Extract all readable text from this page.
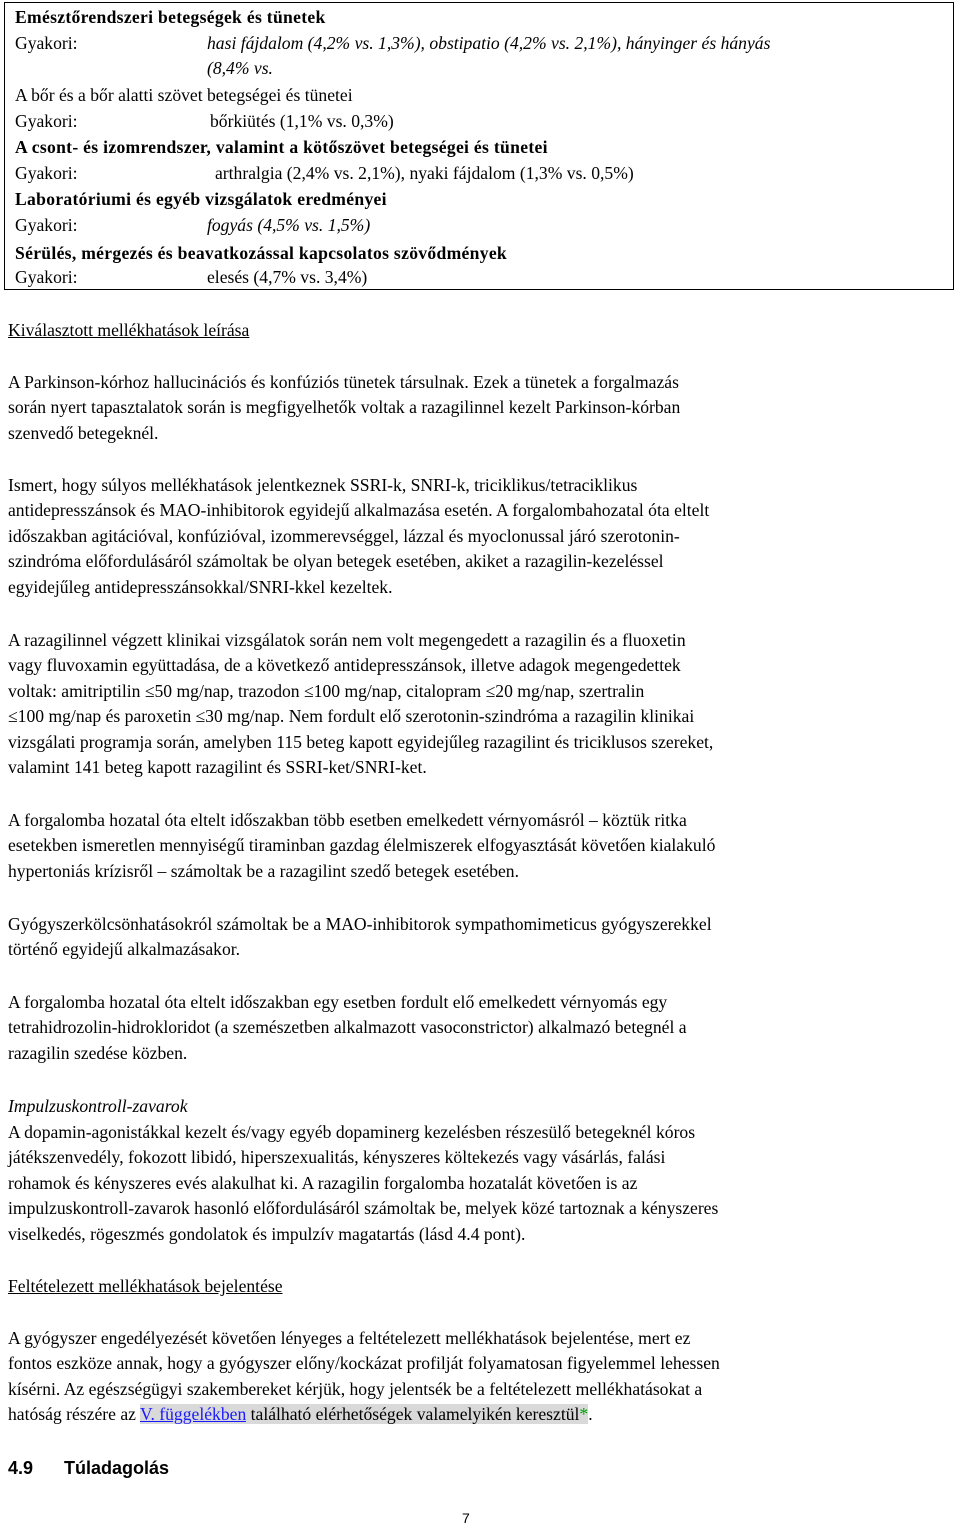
Emésztőrendszeri betegségek és tünetek
Gyakori:	hasi fájdalom (4,2% vs. 1,3%), obstipatio (4,2% vs. 2,1%), hányinger és hányás
(8,4% vs.
A bőr és a bőr alatti szövet betegségei és tünetei
Gyakori:	bőrkiütés (1,1% vs. 0,3%)
A csont- és izomrendszer, valamint a kötőszövet betegségei és tünetei
Gyakori:	arthralgia (2,4% vs. 2,1%), nyaki fájdalom (1,3% vs. 0,5%)
Laboratóriumi és egyéb vizsgálatok eredményei
Gyakori:	fogyás (4,5% vs. 1,5%)
Sérülés, mérgezés és beavatkozással kapcsolatos szövődmények
Gyakori:	elesés (4,7% vs. 3,4%)
Kiválasztott mellékhatások leírása
A Parkinson-kórhoz hallucinációs és konfúziós tünetek társulnak. Ezek a tünetek a forgalmazás
során nyert tapasztalatok során is megfigyelhetők voltak a razagilinnel kezelt Parkinson-kórban
szenvedő betegeknél.
Ismert, hogy súlyos mellékhatások jelentkeznek SSRI-k, SNRI-k, triciklikus/tetraciklikus
antidepresszánsok és MAO-inhibitorok egyidejű alkalmazása esetén. A forgalombahozatal óta eltelt
időszakban agitációval, konfúzióval, izommerevséggel, lázzal és myoclonussal járó szerotonin-
szindróma előfordulásáról számoltak be olyan betegek esetében, akiket a razagilin-kezeléssel
egyidejűleg antidepresszánsokkal/SNRI-kkel kezeltek.
A razagilinnel végzett klinikai vizsgálatok során nem volt megengedett a razagilin és a fluoxetin
vagy fluvoxamin együttadása, de a következő antidepresszánsok, illetve adagok megengedettek
voltak: amitriptilin ≤50 mg/nap, trazodon ≤100 mg/nap, citalopram ≤20 mg/nap, szertralin
≤100 mg/nap és paroxetin ≤30 mg/nap. Nem fordult elő szerotonin-szindróma a razagilin klinikai
vizsgálati programja során, amelyben 115 beteg kapott egyidejűleg razagilint és triciklusos szereket,
valamint 141 beteg kapott razagilint és SSRI-ket/SNRI-ket.
A forgalomba hozatal óta eltelt időszakban több esetben emelkedett vérnyomásról – köztük ritka
esetekben ismeretlen mennyiségű tiraminban gazdag élelmiszerek elfogyasztását követően kialakuló
hypertoniás krízisről – számoltak be a razagilint szedő betegek esetében.
Gyógyszerkölcsönhatásokról számoltak be a MAO-inhibitorok sympathomimeticus gyógyszerekkel
történő egyidejű alkalmazásakor.
A forgalomba hozatal óta eltelt időszakban egy esetben fordult elő emelkedett vérnyomás egy
tetrahidrozolin-hidrokloridot (a szemészetben alkalmazott vasoconstrictor) alkalmazó betegnél a
razagilin szedése közben.
Impulzuskontroll-zavarok
A dopamin-agonistákkal kezelt és/vagy egyéb dopaminerg kezelésben részesülő betegeknél kóros
játékszenvedély, fokozott libidó, hiperszexualitás, kényszeres költekezés vagy vásárlás, falási
rohamok és kényszeres evés alakulhat ki. A razagilin forgalomba hozatalát követően is az
impulzuskontroll-zavarok hasonló előfordulásáról számoltak be, melyek közé tartoznak a kényszeres
viselkedés, rögeszmés gondolatok és impulzív magatartás (lásd 4.4 pont).
Feltételezett mellékhatások bejelentése
A gyógyszer engedélyezését követően lényeges a feltételezett mellékhatások bejelentése, mert ez
fontos eszköze annak, hogy a gyógyszer előny/kockázat profilját folyamatosan figyelemmel lehessen
kísérni. Az egészségügyi szakembereket kérjük, hogy jelentsék be a feltételezett mellékhatásokat a
hatóság részére az V. függelékben található elérhetőségek valamelyikén keresztül*.
4.9 Túladagolás
7
